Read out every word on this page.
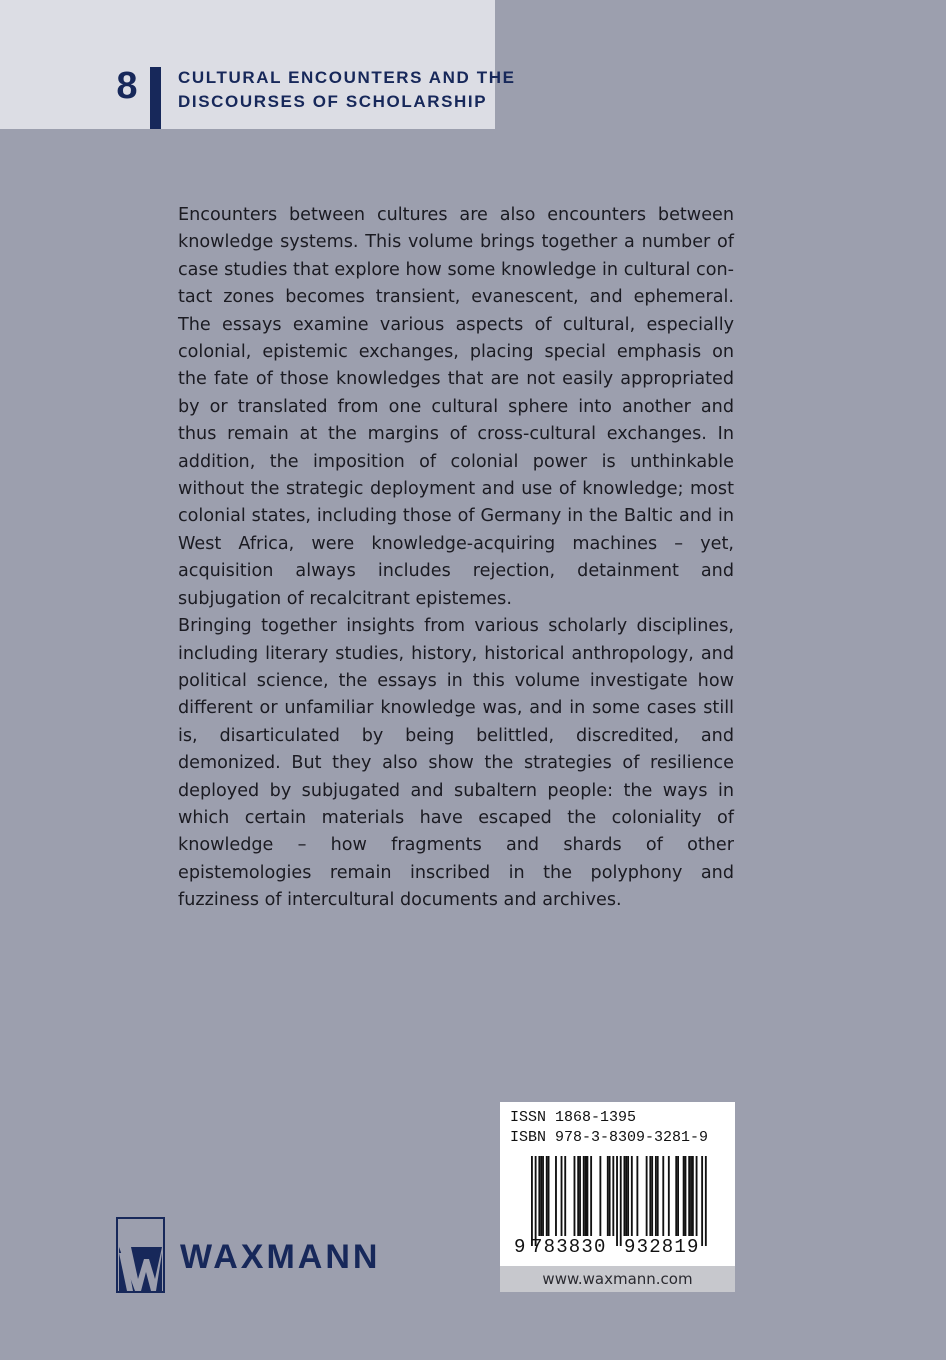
8 CULTURAL ENCOUNTERS AND THE
DISCOURSES OF SCHOLARSHIP

Encounters between cultures are also encounters between knowledge systems. This volume brings together a number of case studies that explore how some knowledge in cultural contact zones becomes transient, evanescent, and ephemeral. The essays examine various aspects of cultural, especially colonial, epistemic exchanges, placing special emphasis on the fate of those knowledges that are not easily appropriated by or translated from one cultural sphere into another and thus remain at the margins of cross-cultural exchanges. In addition, the imposition of colonial power is unthinkable without the strategic deployment and use of knowledge; most colonial states, including those of Germany in the Baltic and in West Africa, were knowledge-acquiring machines – yet, acquisition always includes rejection, detainment and subjugation of recalcitrant epistemes.

Bringing together insights from various scholarly disciplines, including literary studies, history, historical anthropology, and political science, the essays in this volume investigate how different or unfamiliar knowledge was, and in some cases still is, disarticulated by being belittled, discredited, and demonized. But they also show the strategies of resilience deployed by subjugated and subaltern people: the ways in which certain materials have escaped the coloniality of knowledge – how fragments and shards of other epistemologies remain inscribed in the polyphony and fuzziness of intercultural documents and archives.

WAXMANN
ISSN 1868-1395
ISBN 978-3-8309-3281-9
9 783830 932819
www.waxmann.com
